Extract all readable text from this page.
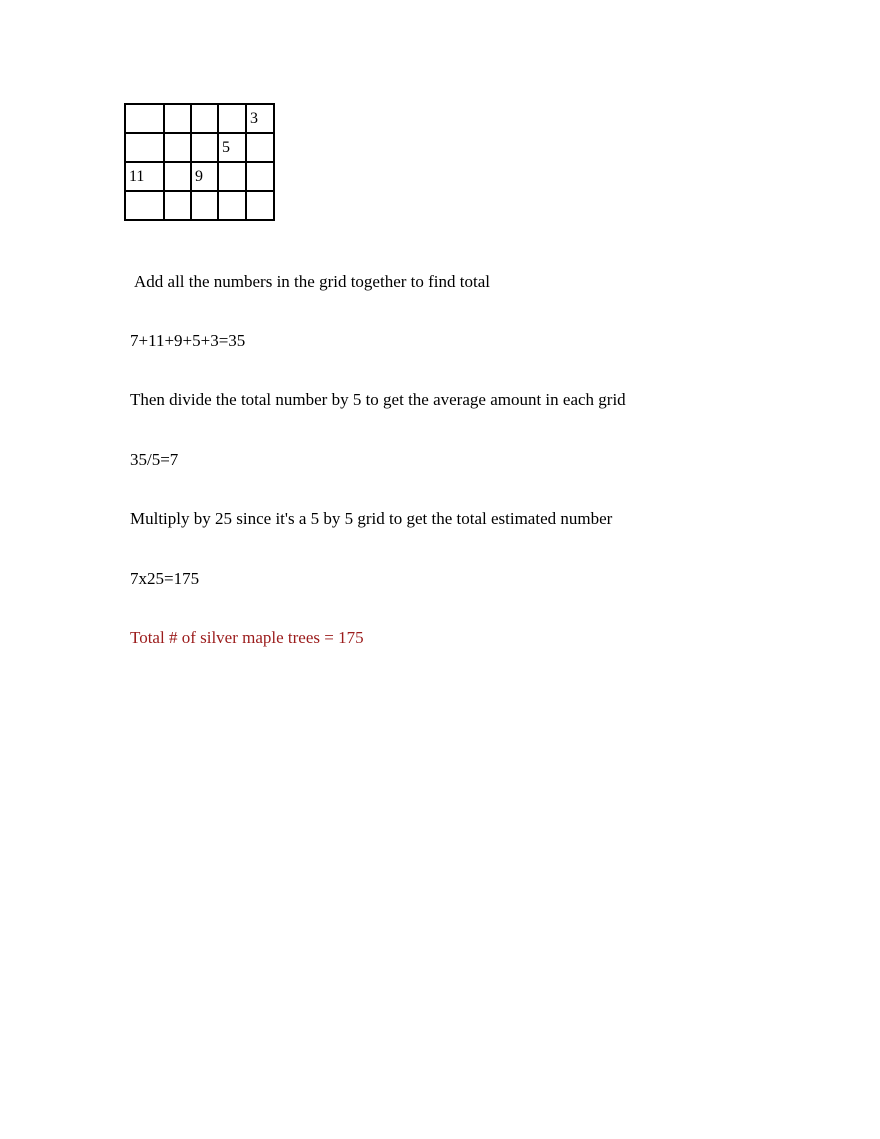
				3
			5	
11		9		

Add all the numbers in the grid together to find total

7+11+9+5+3=35

Then divide the total number by 5 to get the average amount in each grid

35/5=7

Multiply by 25 since it's a 5 by 5 grid to get the total estimated number

7x25=175

Total # of silver maple trees = 175
